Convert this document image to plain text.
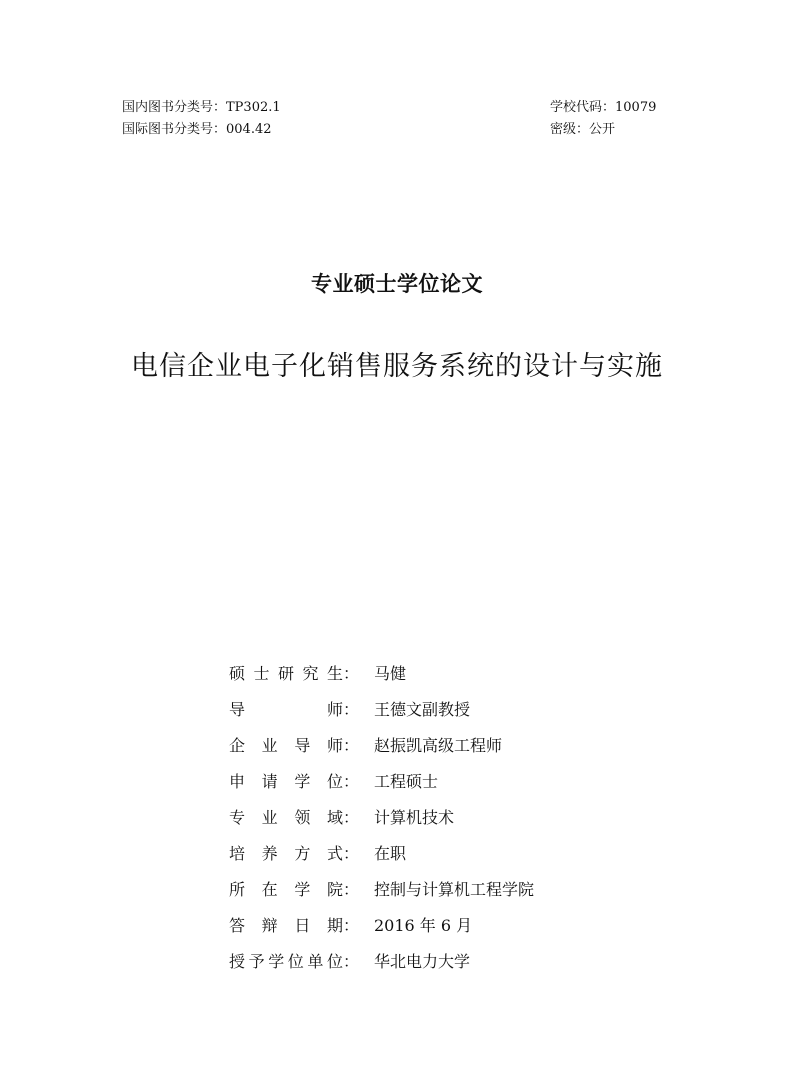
国内图书分类号：TP302.1
国际图书分类号：004.42
学校代码：10079
密级：公开
专业硕士学位论文
电信企业电子化销售服务系统的设计与实施
硕 士 研 究 生： 马健
导	师： 王德文副教授
企 业 导 师： 赵振凯高级工程师
申 请 学 位： 工程硕士
专 业 领 域： 计算机技术
培 养 方 式： 在职
所 在 学 院： 控制与计算机工程学院
答 辩 日 期： 2016 年 6 月
授 予 学 位 单 位： 华北电力大学
